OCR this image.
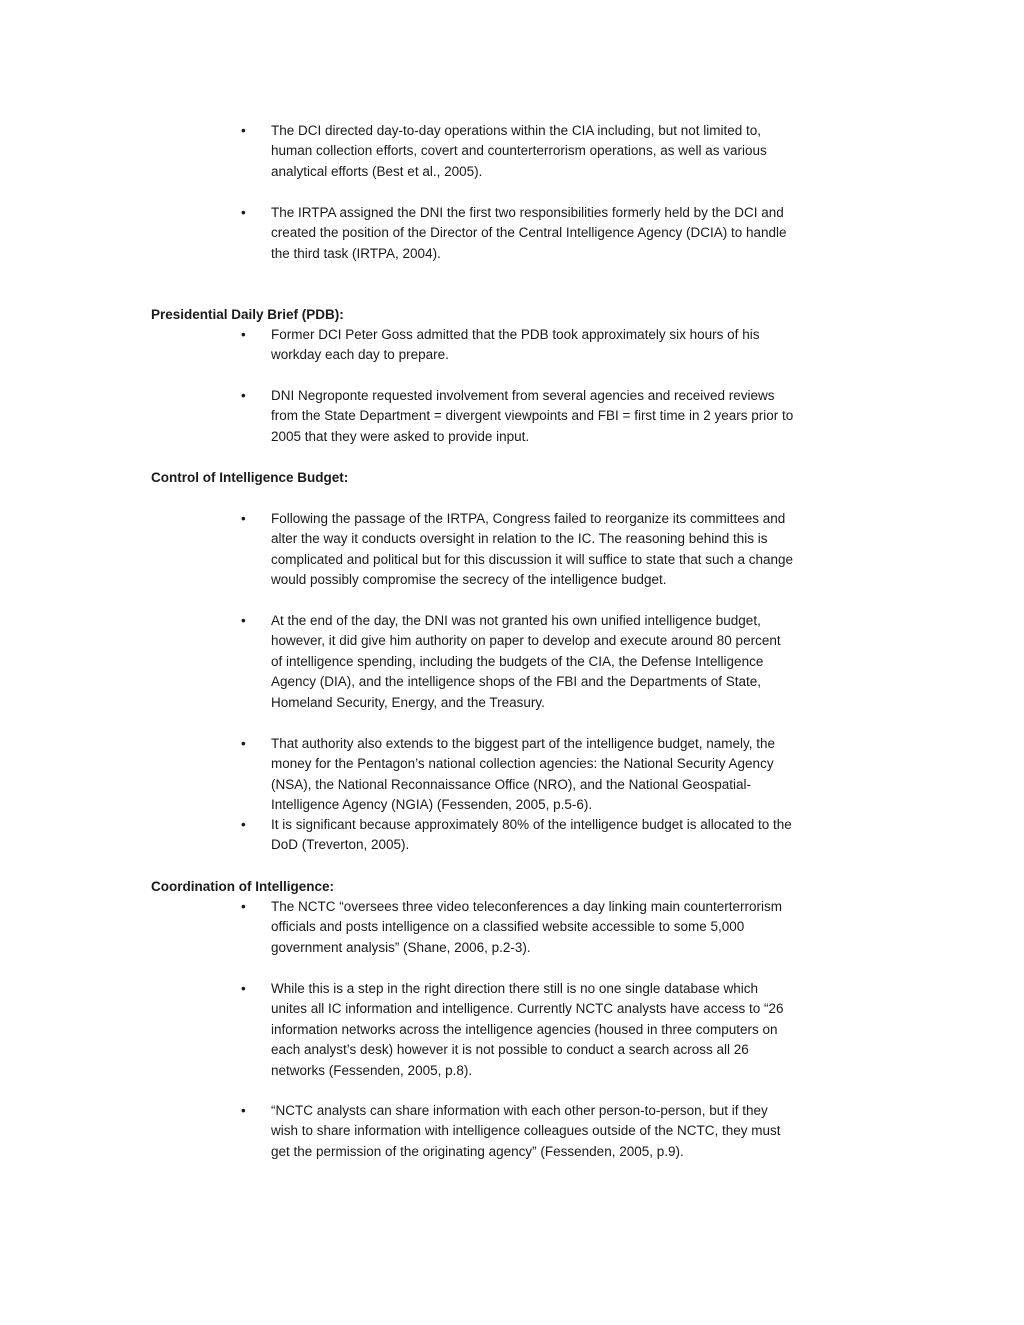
•	The DCI directed day-to-day operations within the CIA including, but not limited to,
human collection efforts, covert and counterterrorism operations, as well as various
analytical efforts (Best et al., 2005).
•	The IRTPA assigned the DNI the first two responsibilities formerly held by the DCI and
created the position of the Director of the Central Intelligence Agency (DCIA) to handle
the third task (IRTPA, 2004).
Presidential Daily Brief (PDB):
•	Former DCI Peter Goss admitted that the PDB took approximately six hours of his
workday each day to prepare.
•	DNI Negroponte requested involvement from several agencies and received reviews
from the State Department = divergent viewpoints and FBI = first time in 2 years prior to
2005 that they were asked to provide input.
Control of Intelligence Budget:
•	Following the passage of the IRTPA, Congress failed to reorganize its committees and
alter the way it conducts oversight in relation to the IC. The reasoning behind this is
complicated and political but for this discussion it will suffice to state that such a change
would possibly compromise the secrecy of the intelligence budget.
•	At the end of the day, the DNI was not granted his own unified intelligence budget,
however, it did give him authority on paper to develop and execute around 80 percent
of intelligence spending, including the budgets of the CIA, the Defense Intelligence
Agency (DIA), and the intelligence shops of the FBI and the Departments of State,
Homeland Security, Energy, and the Treasury.
•	That authority also extends to the biggest part of the intelligence budget, namely, the
money for the Pentagon’s national collection agencies: the National Security Agency
(NSA), the National Reconnaissance Office (NRO), and the National Geospatial-
Intelligence Agency (NGIA) (Fessenden, 2005, p.5-6).
•	It is significant because approximately 80% of the intelligence budget is allocated to the
DoD (Treverton, 2005).
Coordination of Intelligence:
•	The NCTC “oversees three video teleconferences a day linking main counterterrorism
officials and posts intelligence on a classified website accessible to some 5,000
government analysis” (Shane, 2006, p.2-3).
•	While this is a step in the right direction there still is no one single database which
unites all IC information and intelligence. Currently NCTC analysts have access to “26
information networks across the intelligence agencies (housed in three computers on
each analyst’s desk) however it is not possible to conduct a search across all 26
networks (Fessenden, 2005, p.8).
•	“NCTC analysts can share information with each other person-to-person, but if they
wish to share information with intelligence colleagues outside of the NCTC, they must
get the permission of the originating agency” (Fessenden, 2005, p.9).
